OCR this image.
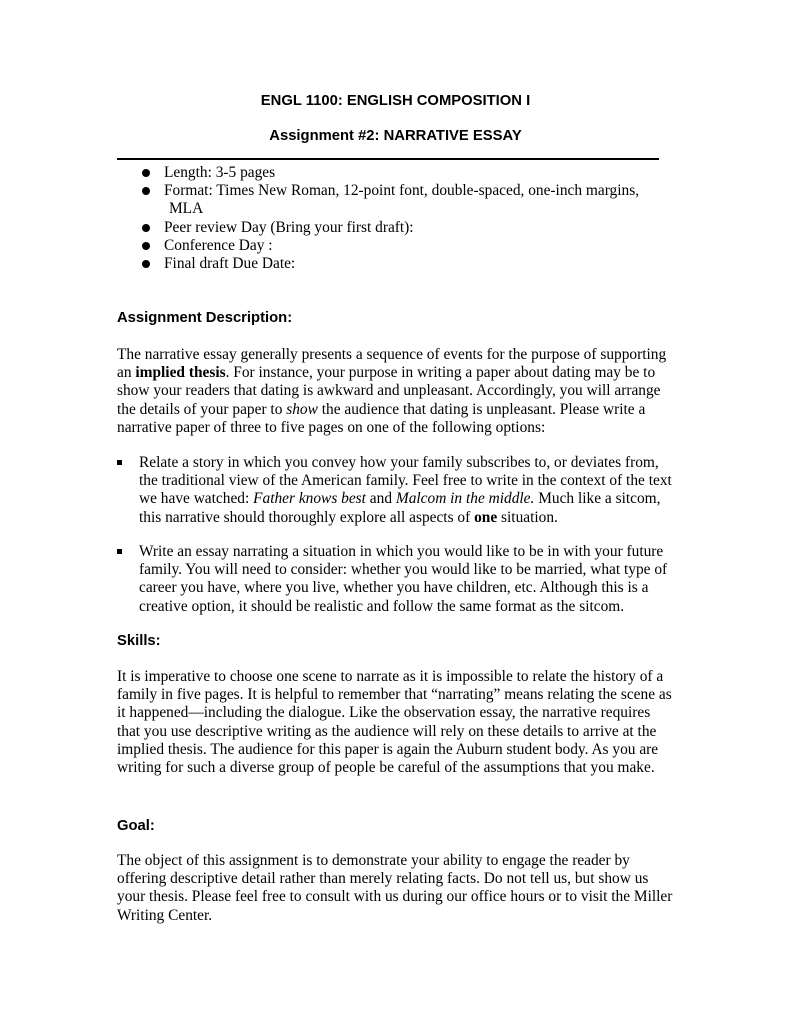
ENGL 1100: ENGLISH COMPOSITION I
Assignment #2: NARRATIVE ESSAY
Length: 3-5 pages
Format: Times New Roman, 12-point font, double-spaced, one-inch margins,
MLA
Peer review Day (Bring your first draft):
Conference Day :
Final draft Due Date:
Assignment Description:

The narrative essay generally presents a sequence of events for the purpose of supporting an implied thesis. For instance, your purpose in writing a paper about dating may be to show your readers that dating is awkward and unpleasant. Accordingly, you will arrange the details of your paper to show the audience that dating is unpleasant. Please write a narrative paper of three to five pages on one of the following options:

Relate a story in which you convey how your family subscribes to, or deviates from, the traditional view of the American family. Feel free to write in the context of the text we have watched: Father knows best and Malcom in the middle. Much like a sitcom, this narrative should thoroughly explore all aspects of one situation.
Write an essay narrating a situation in which you would like to be in with your future family. You will need to consider: whether you would like to be married, what type of career you have, where you live, whether you have children, etc. Although this is a creative option, it should be realistic and follow the same format as the sitcom.
Skills:

It is imperative to choose one scene to narrate as it is impossible to relate the history of a family in five pages. It is helpful to remember that “narrating” means relating the scene as it happened—including the dialogue. Like the observation essay, the narrative requires that you use descriptive writing as the audience will rely on these details to arrive at the implied thesis. The audience for this paper is again the Auburn student body. As you are writing for such a diverse group of people be careful of the assumptions that you make.

Goal:

The object of this assignment is to demonstrate your ability to engage the reader by offering descriptive detail rather than merely relating facts. Do not tell us, but show us your thesis. Please feel free to consult with us during our office hours or to visit the Miller Writing Center.
